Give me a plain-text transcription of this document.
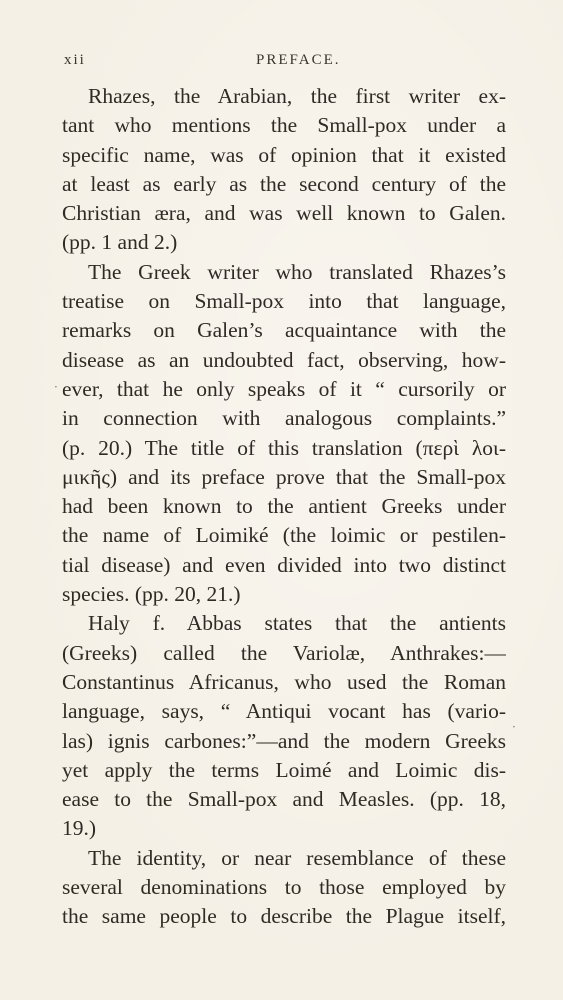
xii	PREFACE.
Rhazes, the Arabian, the first writer ex-
tant who mentions the Small-pox under a
specific name, was of opinion that it existed
at least as early as the second century of the
Christian æra, and was well known to Galen.
(pp. 1 and 2.)
The Greek writer who translated Rhazes’s
treatise on Small-pox into that language,
remarks on Galen’s acquaintance with the
disease as an undoubted fact, observing, how-
ever, that he only speaks of it “ cursorily or
in connection with analogous complaints.”
(p. 20.) The title of this translation (περὶ λοι-
μικῆς) and its preface prove that the Small-pox
had been known to the antient Greeks under
the name of Loimiké (the loimic or pestilen-
tial disease) and even divided into two distinct
species. (pp. 20, 21.)
Haly f. Abbas states that the antients
(Greeks) called the Variolæ, Anthrakes:—
Constantinus Africanus, who used the Roman
language, says, “ Antiqui vocant has (vario-
las) ignis carbones:”—and the modern Greeks
yet apply the terms Loimé and Loimic dis-
ease to the Small-pox and Measles. (pp. 18,
19.)
The identity, or near resemblance of these
several denominations to those employed by
the same people to describe the Plague itself,
·
·
